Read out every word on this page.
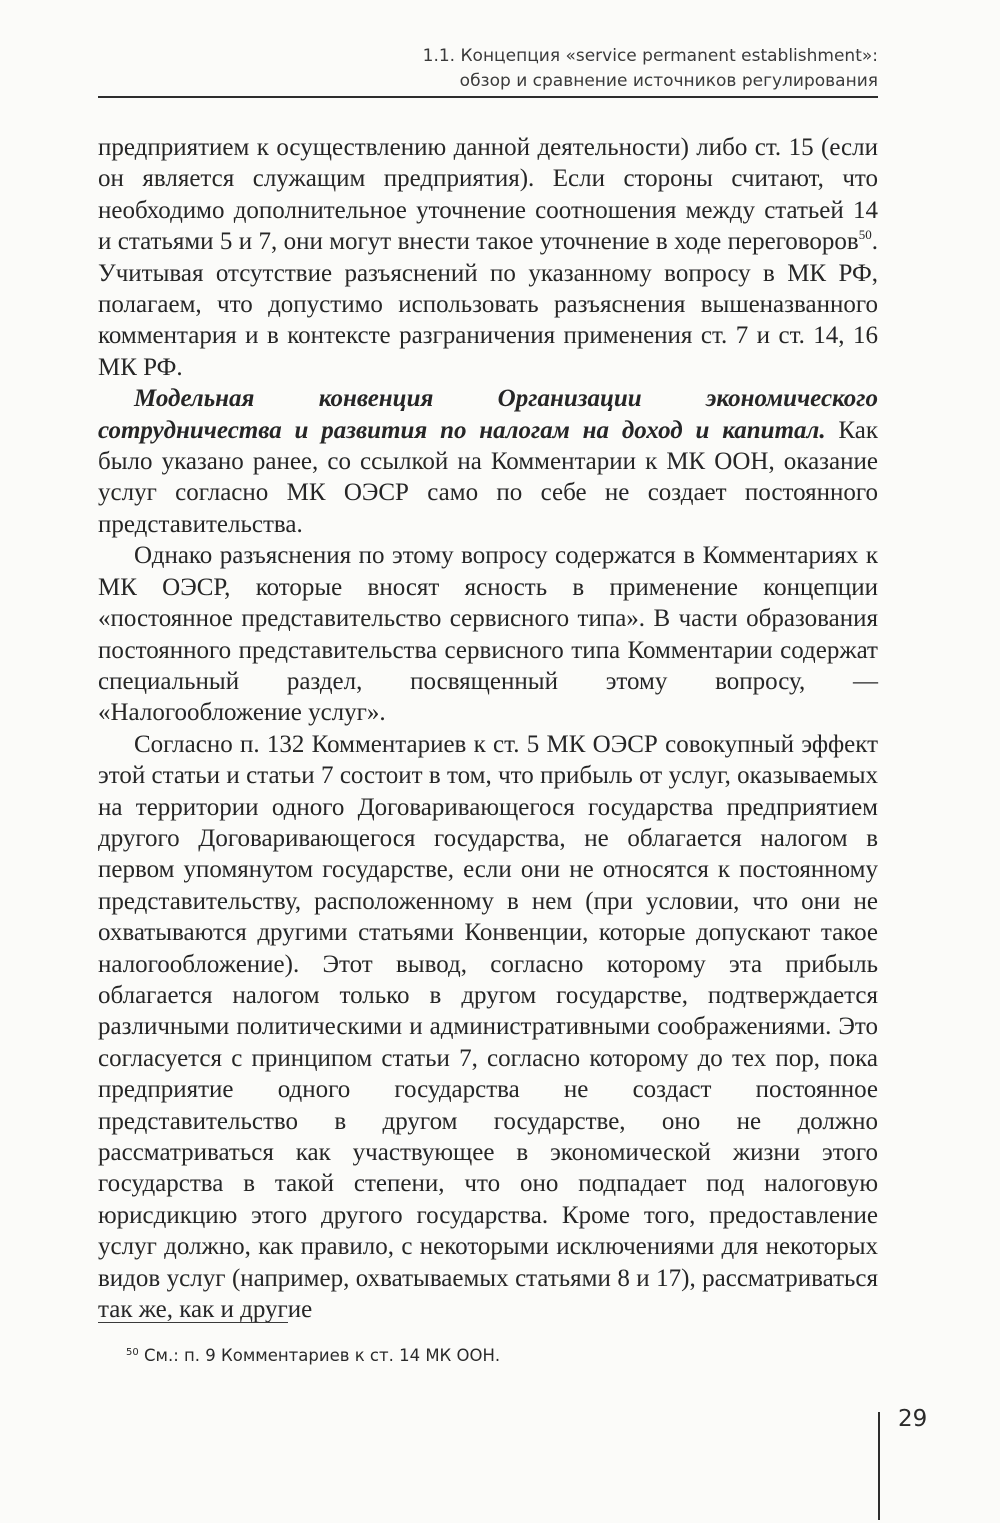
1.1. Концепция «service permanent establishment»:
обзор и сравнение источников регулирования

предприятием к осуществлению данной деятельности) либо ст. 15 (если он является служащим предприятия). Если стороны считают, что необходимо дополнительное уточнение соотношения между статьей 14 и статьями 5 и 7, они могут внести такое уточнение в ходе переговоров$^{50}$. Учитывая отсутствие разъяснений по указанному вопросу в МК РФ, полагаем, что допустимо использовать разъяснения вышеназванного комментария и в контексте разграничения применения ст. 7 и ст. 14, 16 МК РФ.

Модельная конвенция Организации экономического сотрудничества и развития по налогам на доход и капитал. Как было указано ранее, со ссылкой на Комментарии к МК ООН, оказание услуг согласно МК ОЭСР само по себе не создает постоянного представительства.

Однако разъяснения по этому вопросу содержатся в Комментариях к МК ОЭСР, которые вносят ясность в применение концепции «постоянное представительство сервисного типа». В части образования постоянного представительства сервисного типа Комментарии содержат специальный раздел, посвященный этому вопросу, — «Налогообложение услуг».

Согласно п. 132 Комментариев к ст. 5 МК ОЭСР совокупный эффект этой статьи и статьи 7 состоит в том, что прибыль от услуг, оказываемых на территории одного Договаривающегося государства предприятием другого Договаривающегося государства, не облагается налогом в первом упомянутом государстве, если они не относятся к постоянному представительству, расположенному в нем (при условии, что они не охватываются другими статьями Конвенции, которые допускают такое налогообложение). Этот вывод, согласно которому эта прибыль облагается налогом только в другом государстве, подтверждается различными политическими и административными соображениями. Это согласуется с принципом статьи 7, согласно которому до тех пор, пока предприятие одного государства не создаст постоянное представительство в другом государстве, оно не должно рассматриваться как участвующее в экономической жизни этого государства в такой степени, что оно подпадает под налоговую юрисдикцию этого другого государства. Кроме того, предоставление услуг должно, как правило, с некоторыми исключениями для некоторых видов услуг (например, охватываемых статьями 8 и 17), рассматриваться так же, как и другие

$^{50}$ См.: п. 9 Комментариев к ст. 14 МК ООН.
29
